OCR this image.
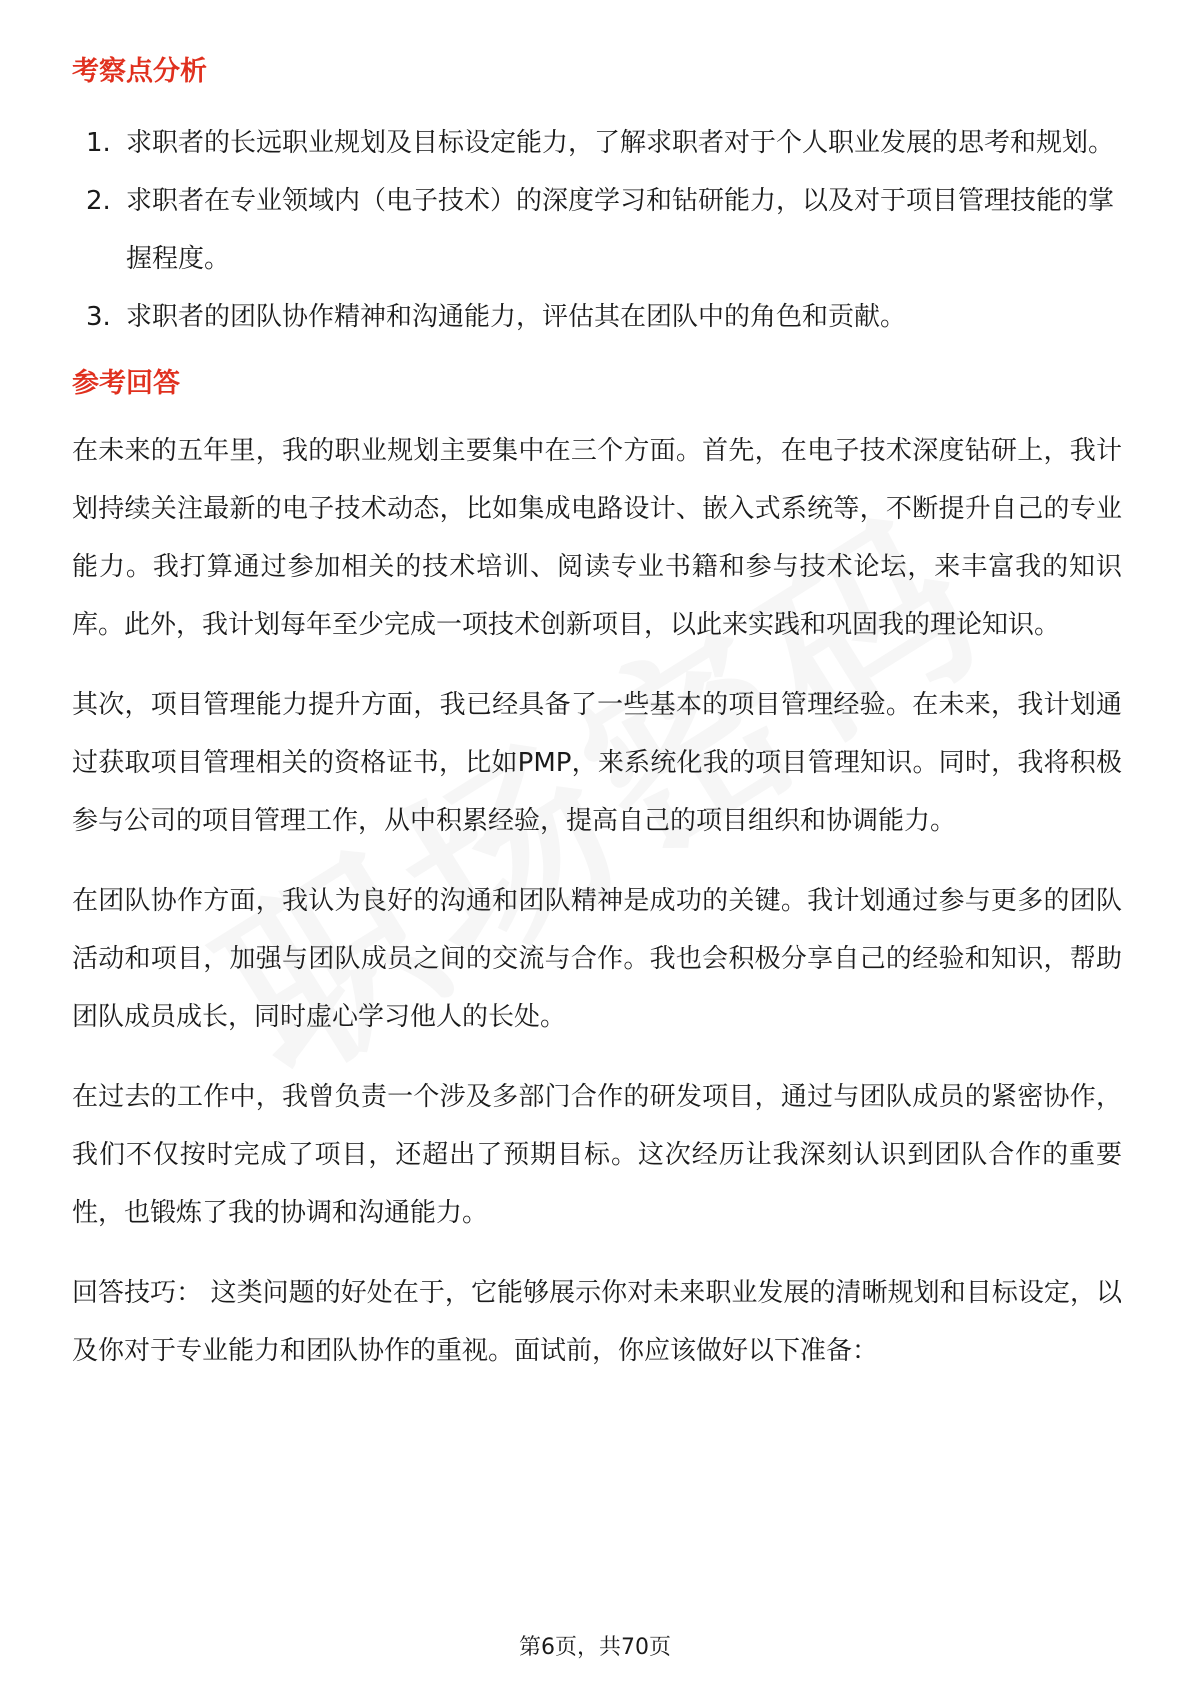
考察点分析
1. 求职者的长远职业规划及目标设定能力，了解求职者对于个人职业发展的思考和规划。
2. 求职者在专业领域内（电子技术）的深度学习和钻研能力，以及对于项目管理技能的掌握程度。
3. 求职者的团队协作精神和沟通能力，评估其在团队中的角色和贡献。
参考回答

在未来的五年里，我的职业规划主要集中在三个方面。首先，在电子技术深度钻研上，我计划持续关注最新的电子技术动态，比如集成电路设计、嵌入式系统等，不断提升自己的专业能力。我打算通过参加相关的技术培训、阅读专业书籍和参与技术论坛，来丰富我的知识库。此外，我计划每年至少完成一项技术创新项目，以此来实践和巩固我的理论知识。

其次，项目管理能力提升方面，我已经具备了一些基本的项目管理经验。在未来，我计划通过获取项目管理相关的资格证书，比如PMP，来系统化我的项目管理知识。同时，我将积极参与公司的项目管理工作，从中积累经验，提高自己的项目组织和协调能力。

在团队协作方面，我认为良好的沟通和团队精神是成功的关键。我计划通过参与更多的团队活动和项目，加强与团队成员之间的交流与合作。我也会积极分享自己的经验和知识，帮助团队成员成长，同时虚心学习他人的长处。

在过去的工作中，我曾负责一个涉及多部门合作的研发项目，通过与团队成员的紧密协作，我们不仅按时完成了项目，还超出了预期目标。这次经历让我深刻认识到团队合作的重要性，也锻炼了我的协调和沟通能力。

回答技巧： 这类问题的好处在于，它能够展示你对未来职业发展的清晰规划和目标设定，以及你对于专业能力和团队协作的重视。面试前，你应该做好以下准备：

第6页，共70页
